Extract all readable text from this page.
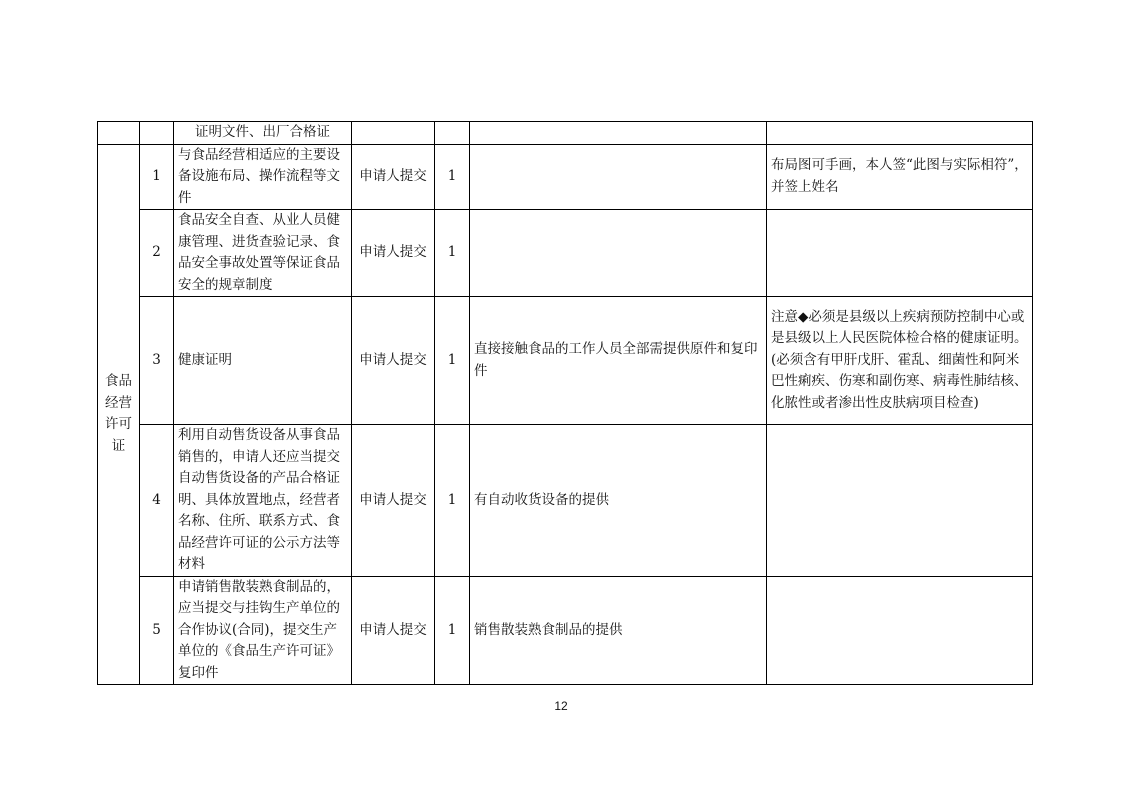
		证明文件、出厂合格证				
食品经营许可证	1	与食品经营相适应的主要设备设施布局、操作流程等文件	申请人提交	1		布局图可手画，本人签“此图与实际相符”，并签上姓名
	2	食品安全自查、从业人员健康管理、进货查验记录、食品安全事故处置等保证食品安全的规章制度	申请人提交	1		
	3	健康证明	申请人提交	1	直接接触食品的工作人员全部需提供原件和复印件	注意◆必须是县级以上疾病预防控制中心或是县级以上人民医院体检合格的健康证明。(必须含有甲肝戊肝、霍乱、细菌性和阿米巴性痢疾、伤寒和副伤寒、病毒性肺结核、化脓性或者渗出性皮肤病项目检查)
	4	利用自动售货设备从事食品销售的，申请人还应当提交自动售货设备的产品合格证明、具体放置地点，经营者名称、住所、联系方式、食品经营许可证的公示方法等材料	申请人提交	1	有自动收货设备的提供	
	5	申请销售散装熟食制品的，应当提交与挂钩生产单位的合作协议(合同)，提交生产单位的《食品生产许可证》复印件	申请人提交	1	销售散装熟食制品的提供	
12
